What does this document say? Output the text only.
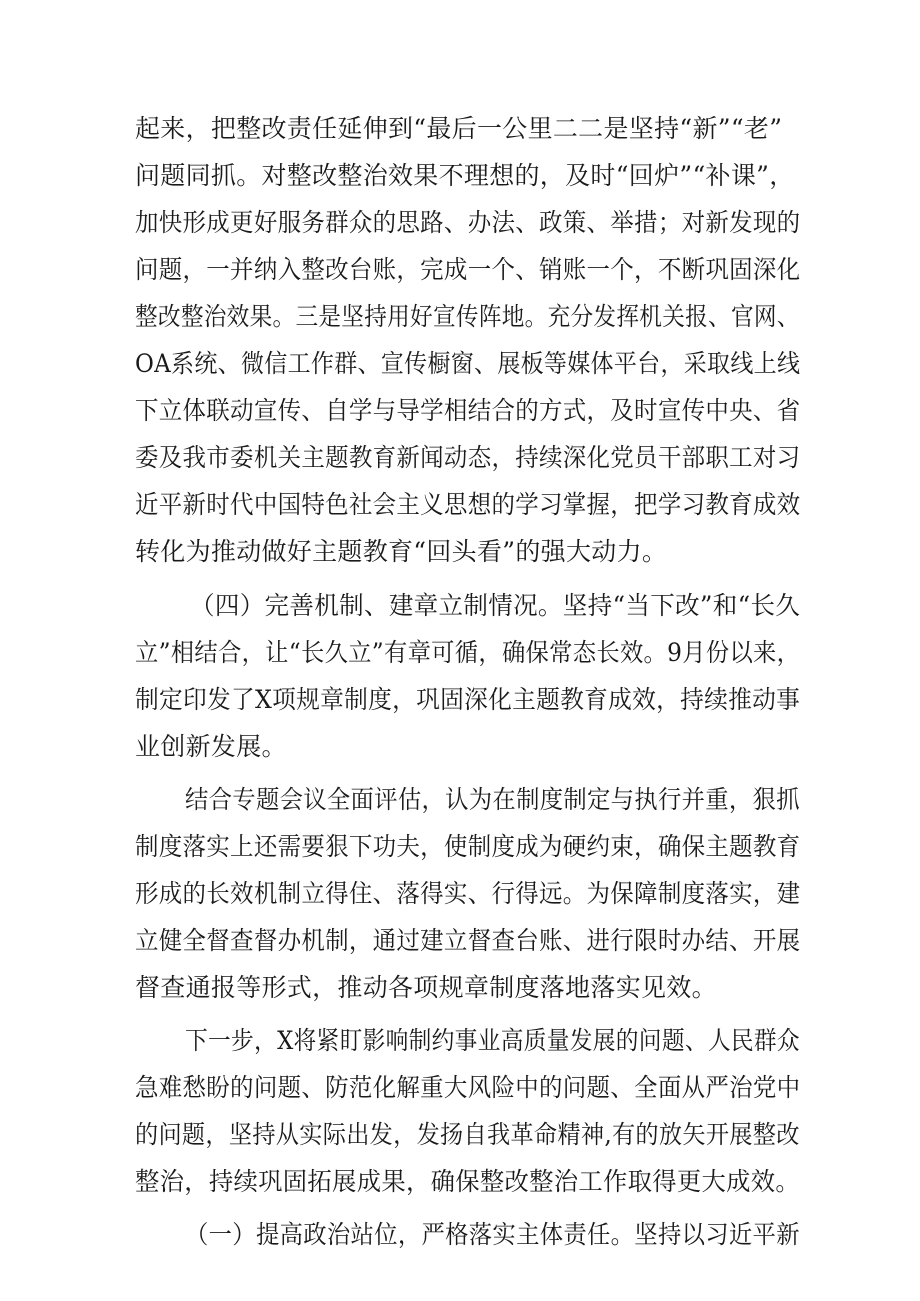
起来，把整改责任延伸到“最后一公里二二是坚持“新”“老”
问题同抓。对整改整治效果不理想的，及时“回炉”“补课”，
加快形成更好服务群众的思路、办法、政策、举措；对新发现的
问题，一并纳入整改台账，完成一个、销账一个，不断巩固深化
整改整治效果。三是坚持用好宣传阵地。充分发挥机关报、官网、
OA系统、微信工作群、宣传橱窗、展板等媒体平台，采取线上线
下立体联动宣传、自学与导学相结合的方式，及时宣传中央、省
委及我市委机关主题教育新闻动态，持续深化党员干部职工对习
近平新时代中国特色社会主义思想的学习掌握，把学习教育成效
转化为推动做好主题教育“回头看”的强大动力。
（四）完善机制、建章立制情况。坚持“当下改”和“长久
立”相结合，让“长久立”有章可循，确保常态长效。9月份以来，
制定印发了X项规章制度，巩固深化主题教育成效，持续推动事
业创新发展。
结合专题会议全面评估，认为在制度制定与执行并重，狠抓
制度落实上还需要狠下功夫，使制度成为硬约束，确保主题教育
形成的长效机制立得住、落得实、行得远。为保障制度落实，建
立健全督查督办机制，通过建立督查台账、进行限时办结、开展
督查通报等形式，推动各项规章制度落地落实见效。
下一步，X将紧盯影响制约事业高质量发展的问题、人民群众
急难愁盼的问题、防范化解重大风险中的问题、全面从严治党中
的问题，坚持从实际出发，发扬自我革命精神,有的放矢开展整改
整治，持续巩固拓展成果，确保整改整治工作取得更大成效。
（一）提高政治站位，严格落实主体责任。坚持以习近平新
